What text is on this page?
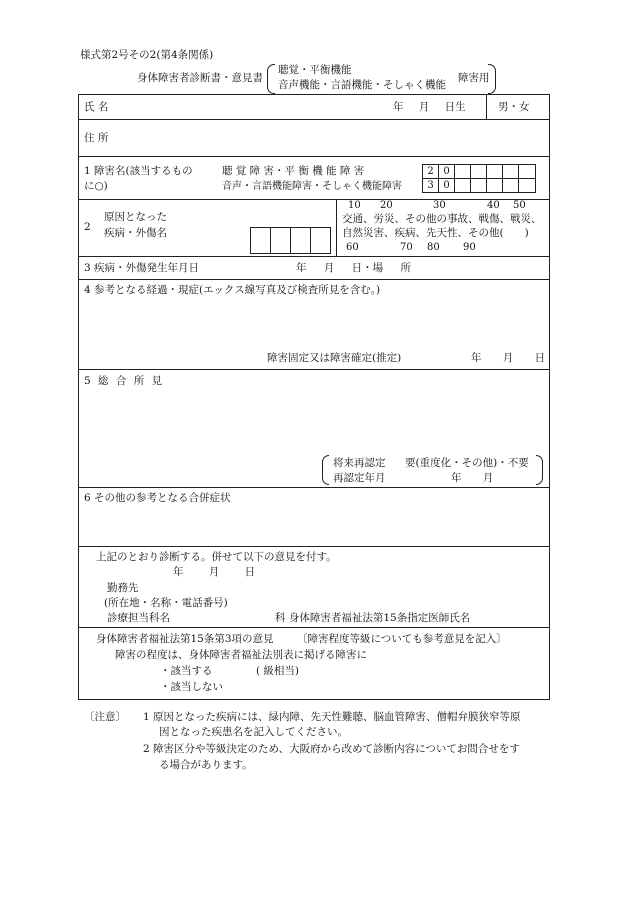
様式第2号その2(第4条関係)
身体障害者診断書・意見書
聴覚・平衡機能
音声機能・言語機能・そしゃく機能
障害用
氏 名	年 月 日生	男・女
住 所
1 障害名(該当するもの
に○)
聴 覚 障 害・平 衡 機 能 障 害
音声・言語機能障害・そしゃく機能障害
2 0
3 0
2
原因となった
疾病・外傷名
10 20	30	40 50
交通、労災、その他の事故、戦傷、戦災、
自然災害、疾病、先天性、その他(　　)
60	70 80 90
3 疾病・外傷発生年月日	年 月 日・場 所
4 参考となる経過・現症(エックス線写真及び検査所見を含む。)
障害固定又は障害確定(推定)	年 月 日
5 総 合 所 見
将来再認定 要(重度化・その他)・不要
再認定年月	年 月
6 その他の参考となる合併症状
上記のとおり診断する。併せて以下の意見を付す。
年 月 日
勤務先
(所在地・名称・電話番号)
診療担当科名	科 身体障害者福祉法第15条指定医師氏名
身体障害者福祉法第15条第3項の意見 〔障害程度等級についても参考意見を記入〕
障害の程度は、身体障害者福祉法別表に掲げる障害に
・該当する	( 級相当)
・該当しない
〔注意〕 1 原因となった疾病には、緑内障、先天性難聴、脳血管障害、僧帽弁膜狭窄等原
因となった疾患名を記入してください。
2 障害区分や等級決定のため、大阪府から改めて診断内容についてお問合せをす
る場合があります。
